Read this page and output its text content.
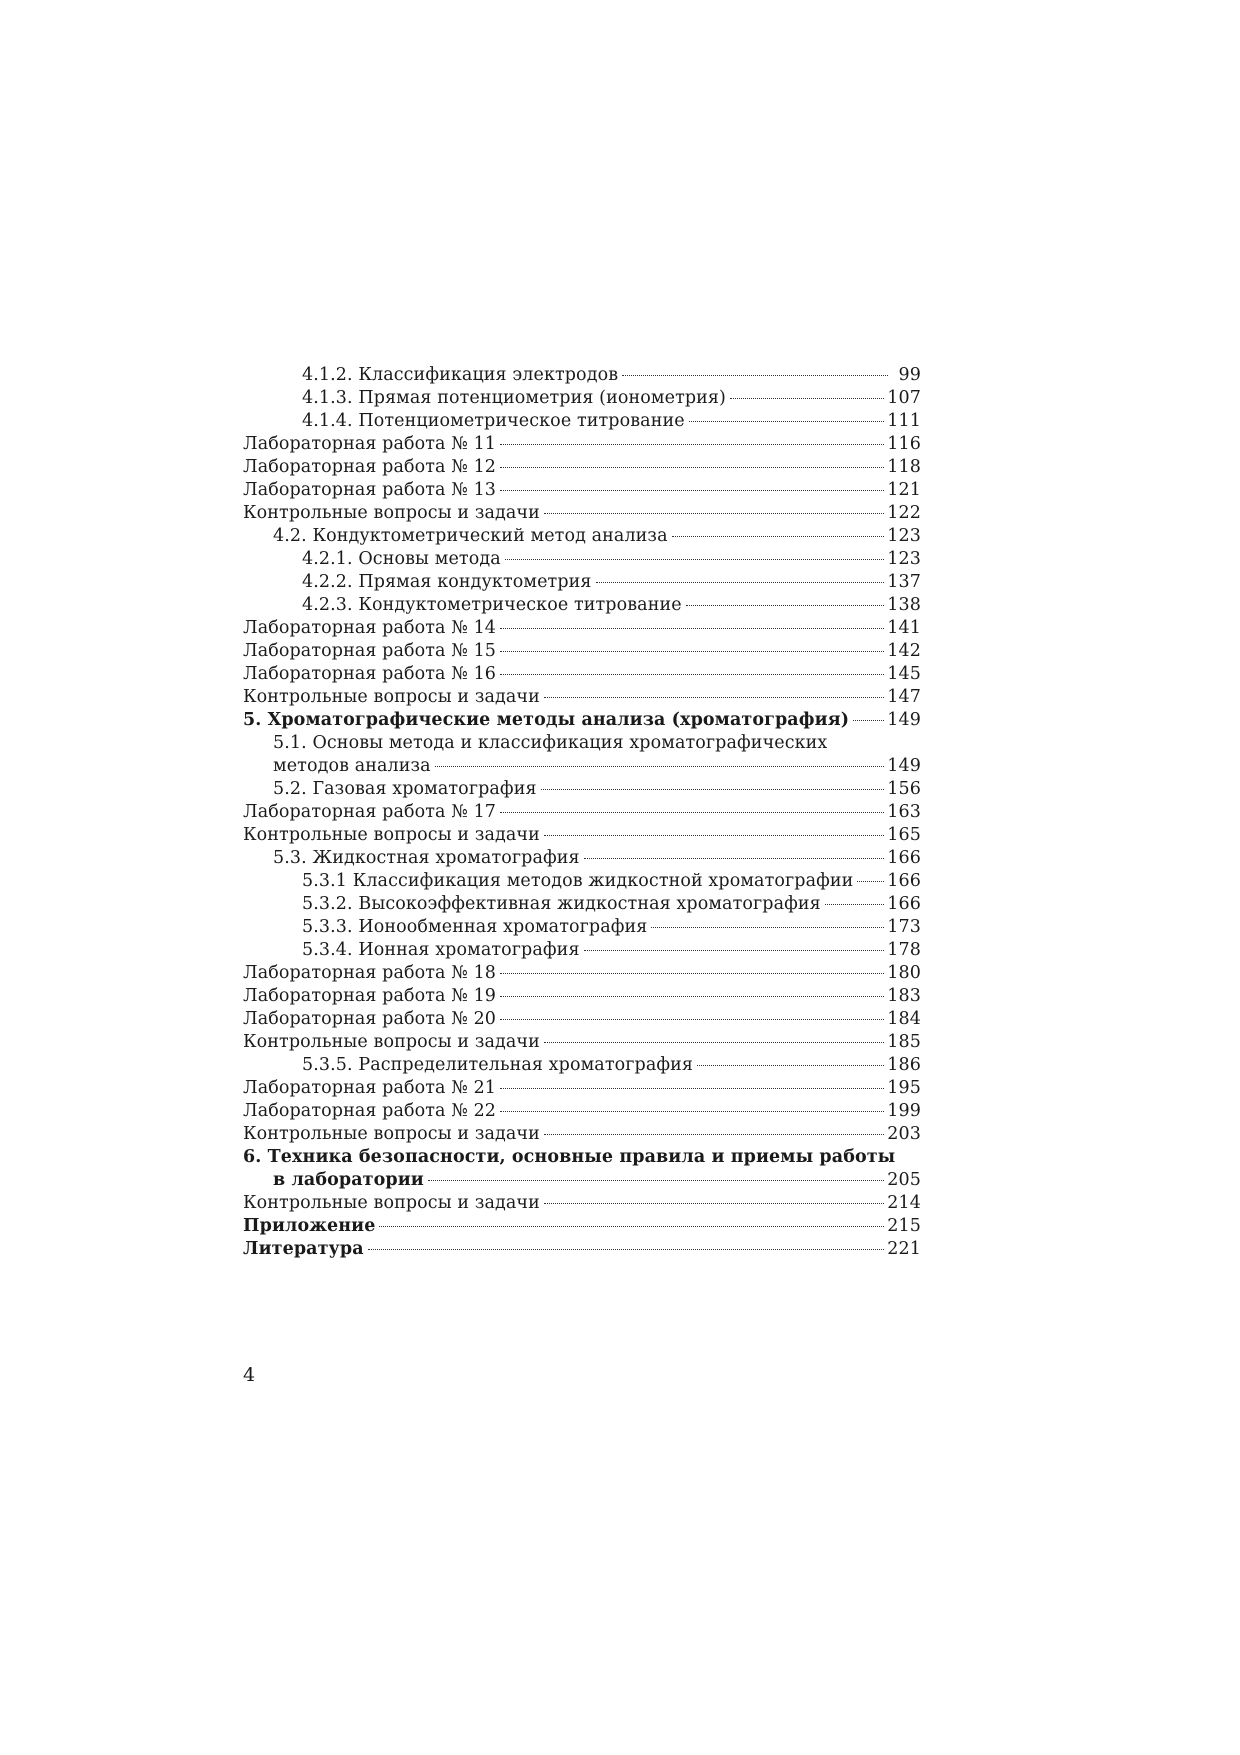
4.1.2. Классификация электродов	99
4.1.3. Прямая потенциометрия (ионометрия)	107
4.1.4. Потенциометрическое титрование	111
Лабораторная работа № 11	116
Лабораторная работа № 12	118
Лабораторная работа № 13	121
Контрольные вопросы и задачи	122
4.2. Кондуктометрический метод анализа	123
4.2.1. Основы метода	123
4.2.2. Прямая кондуктометрия	137
4.2.3. Кондуктометрическое титрование	138
Лабораторная работа № 14	141
Лабораторная работа № 15	142
Лабораторная работа № 16	145
Контрольные вопросы и задачи	147
5. Хроматографические методы анализа (хроматография) 149
5.1. Основы метода и классификация хроматографических
методов анализа	149
5.2. Газовая хроматография	156
Лабораторная работа № 17	163
Контрольные вопросы и задачи	165
5.3. Жидкостная хроматография	166
5.3.1 Классификация методов жидкостной хроматографии 166
5.3.2. Высокоэффективная жидкостная хроматография	166
5.3.3. Ионообменная хроматография	173
5.3.4. Ионная хроматография	178
Лабораторная работа № 18	180
Лабораторная работа № 19	183
Лабораторная работа № 20	184
Контрольные вопросы и задачи	185
5.3.5. Распределительная хроматография	186
Лабораторная работа № 21	195
Лабораторная работа № 22	199
Контрольные вопросы и задачи	203
6. Техника безопасности, основные правила и приемы работы
в лаборатории	205
Контрольные вопросы и задачи	214
Приложение	215
Литература	221
4
